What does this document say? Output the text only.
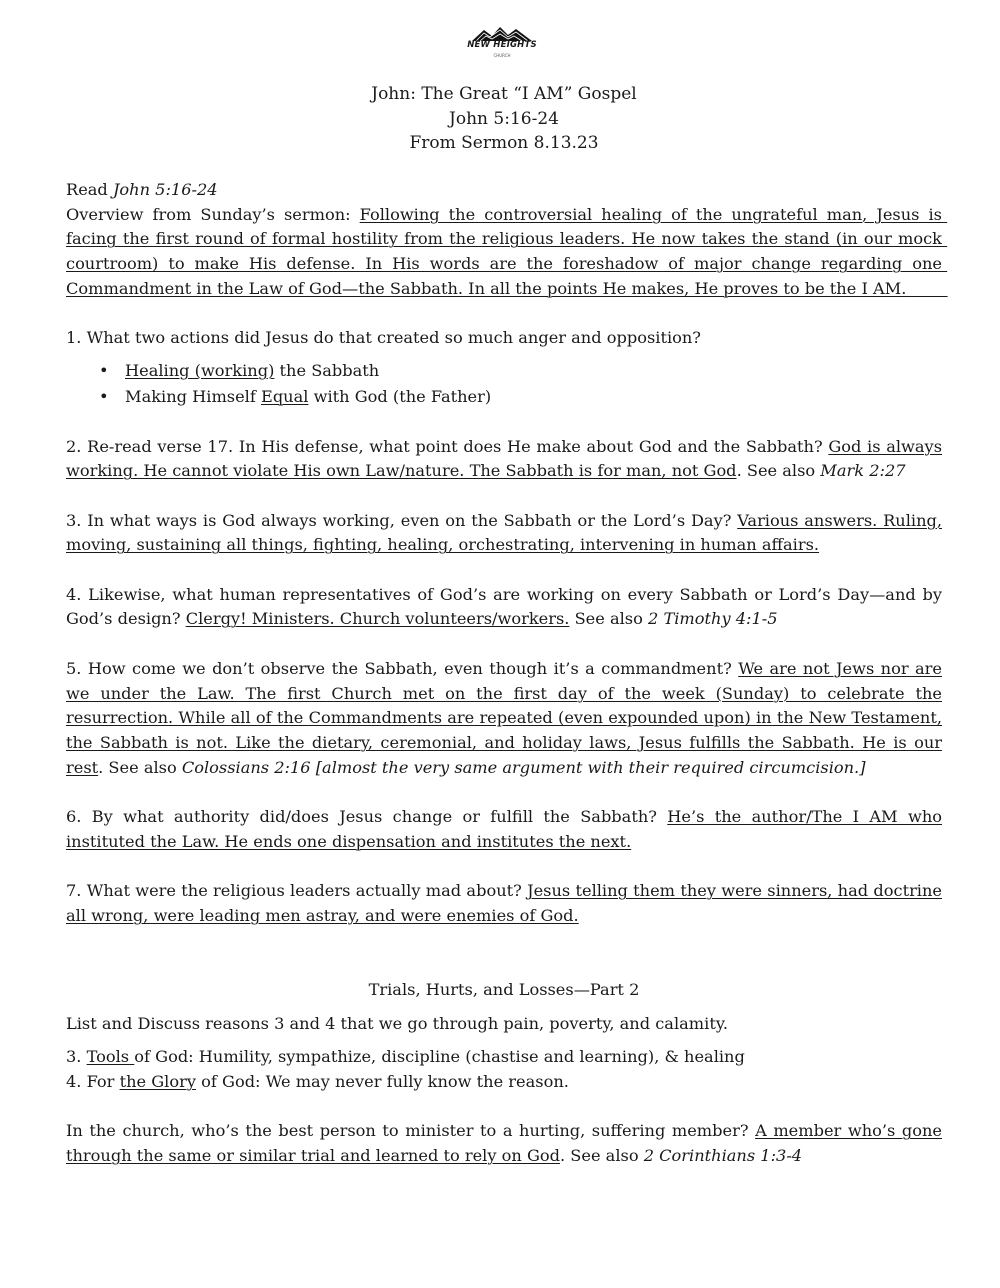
NEW HEIGHTS
CHURCH
John: The Great “I AM” Gospel
John 5:16-24
From Sermon 8.13.23

Read John 5:16-24

Overview from Sunday’s sermon: Following the controversial healing of the ungrateful man, Jesus is facing the first round of formal hostility from the religious leaders. He now takes the stand (in our mock courtroom) to make His defense. In His words are the foreshadow of major change regarding one Commandment in the Law of God—the Sabbath. In all the points He makes, He proves to be the I AM.

1. What two actions did Jesus do that created so much anger and opposition?

• Healing (working) the Sabbath
• Making Himself Equal with God (the Father)

2. Re-read verse 17. In His defense, what point does He make about God and the Sabbath? God is always working. He cannot violate His own Law/nature. The Sabbath is for man, not God. See also Mark 2:27

3. In what ways is God always working, even on the Sabbath or the Lord’s Day? Various answers. Ruling, moving, sustaining all things, fighting, healing, orchestrating, intervening in human affairs.

4. Likewise, what human representatives of God’s are working on every Sabbath or Lord’s Day—and by God’s design? Clergy! Ministers. Church volunteers/workers. See also 2 Timothy 4:1-5

5. How come we don’t observe the Sabbath, even though it’s a commandment? We are not Jews nor are we under the Law. The first Church met on the first day of the week (Sunday) to celebrate the resurrection. While all of the Commandments are repeated (even expounded upon) in the New Testament, the Sabbath is not. Like the dietary, ceremonial, and holiday laws, Jesus fulfills the Sabbath. He is our rest. See also Colossians 2:16 [almost the very same argument with their required circumcision.]

6. By what authority did/does Jesus change or fulfill the Sabbath? He’s the author/The I AM who instituted the Law. He ends one dispensation and institutes the next.

7. What were the religious leaders actually mad about? Jesus telling them they were sinners, had doctrine all wrong, were leading men astray, and were enemies of God.

Trials, Hurts, and Losses—Part 2

List and Discuss reasons 3 and 4 that we go through pain, poverty, and calamity.

3. Tools of God: Humility, sympathize, discipline (chastise and learning), & healing

4. For the Glory of God: We may never fully know the reason.

In the church, who’s the best person to minister to a hurting, suffering member? A member who’s gone through the same or similar trial and learned to rely on God. See also 2 Corinthians 1:3-4
